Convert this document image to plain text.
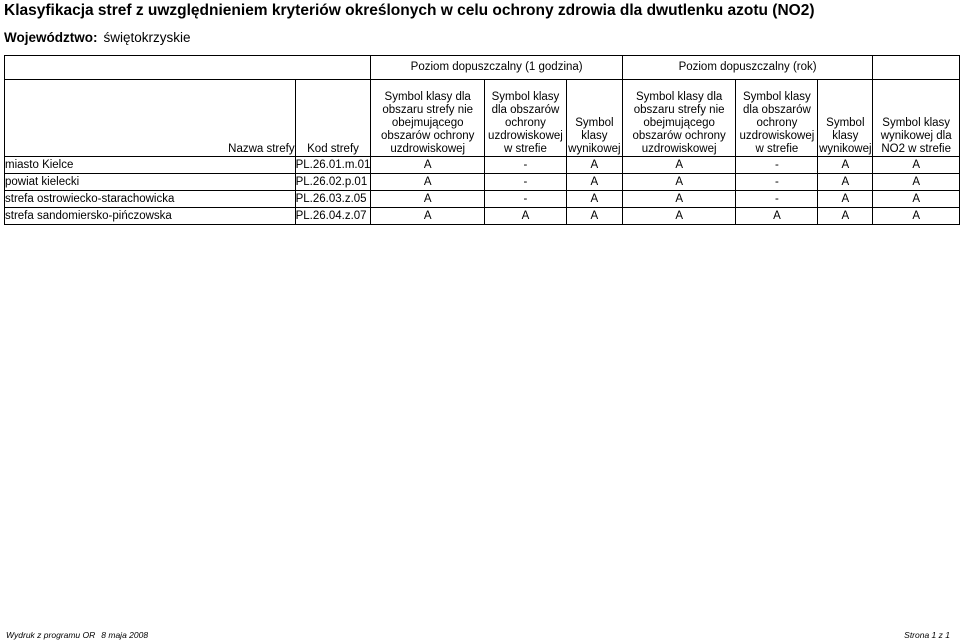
Klasyfikacja stref z uwzględnieniem kryteriów określonych w celu ochrony zdrowia dla dwutlenku azotu (NO2)
Województwo: świętokrzyskie
		Poziom dopuszczalny (1 godzina)			Poziom dopuszczalny (rok)			
Nazwa strefy	Kod strefy	Symbol klasy dla obszaru strefy nie obejmującego obszarów ochrony uzdrowiskowej	Symbol klasy dla obszarów ochrony uzdrowiskowej w strefie	Symbol klasy wynikowej	Symbol klasy dla obszaru strefy nie obejmującego obszarów ochrony uzdrowiskowej	Symbol klasy dla obszarów ochrony uzdrowiskowej w strefie	Symbol klasy wynikowej	Symbol klasy wynikowej dla NO2 w strefie
miasto Kielce	PL.26.01.m.01	A	-	A	A	-	A	A
powiat kielecki	PL.26.02.p.01	A	-	A	A	-	A	A
strefa ostrowiecko-starachowicka	PL.26.03.z.05	A	-	A	A	-	A	A
strefa sandomiersko-pińczowska	PL.26.04.z.07	A	A	A	A	A	A	A
Wydruk z programu OR 8 maja 2008	Strona 1 z 1
